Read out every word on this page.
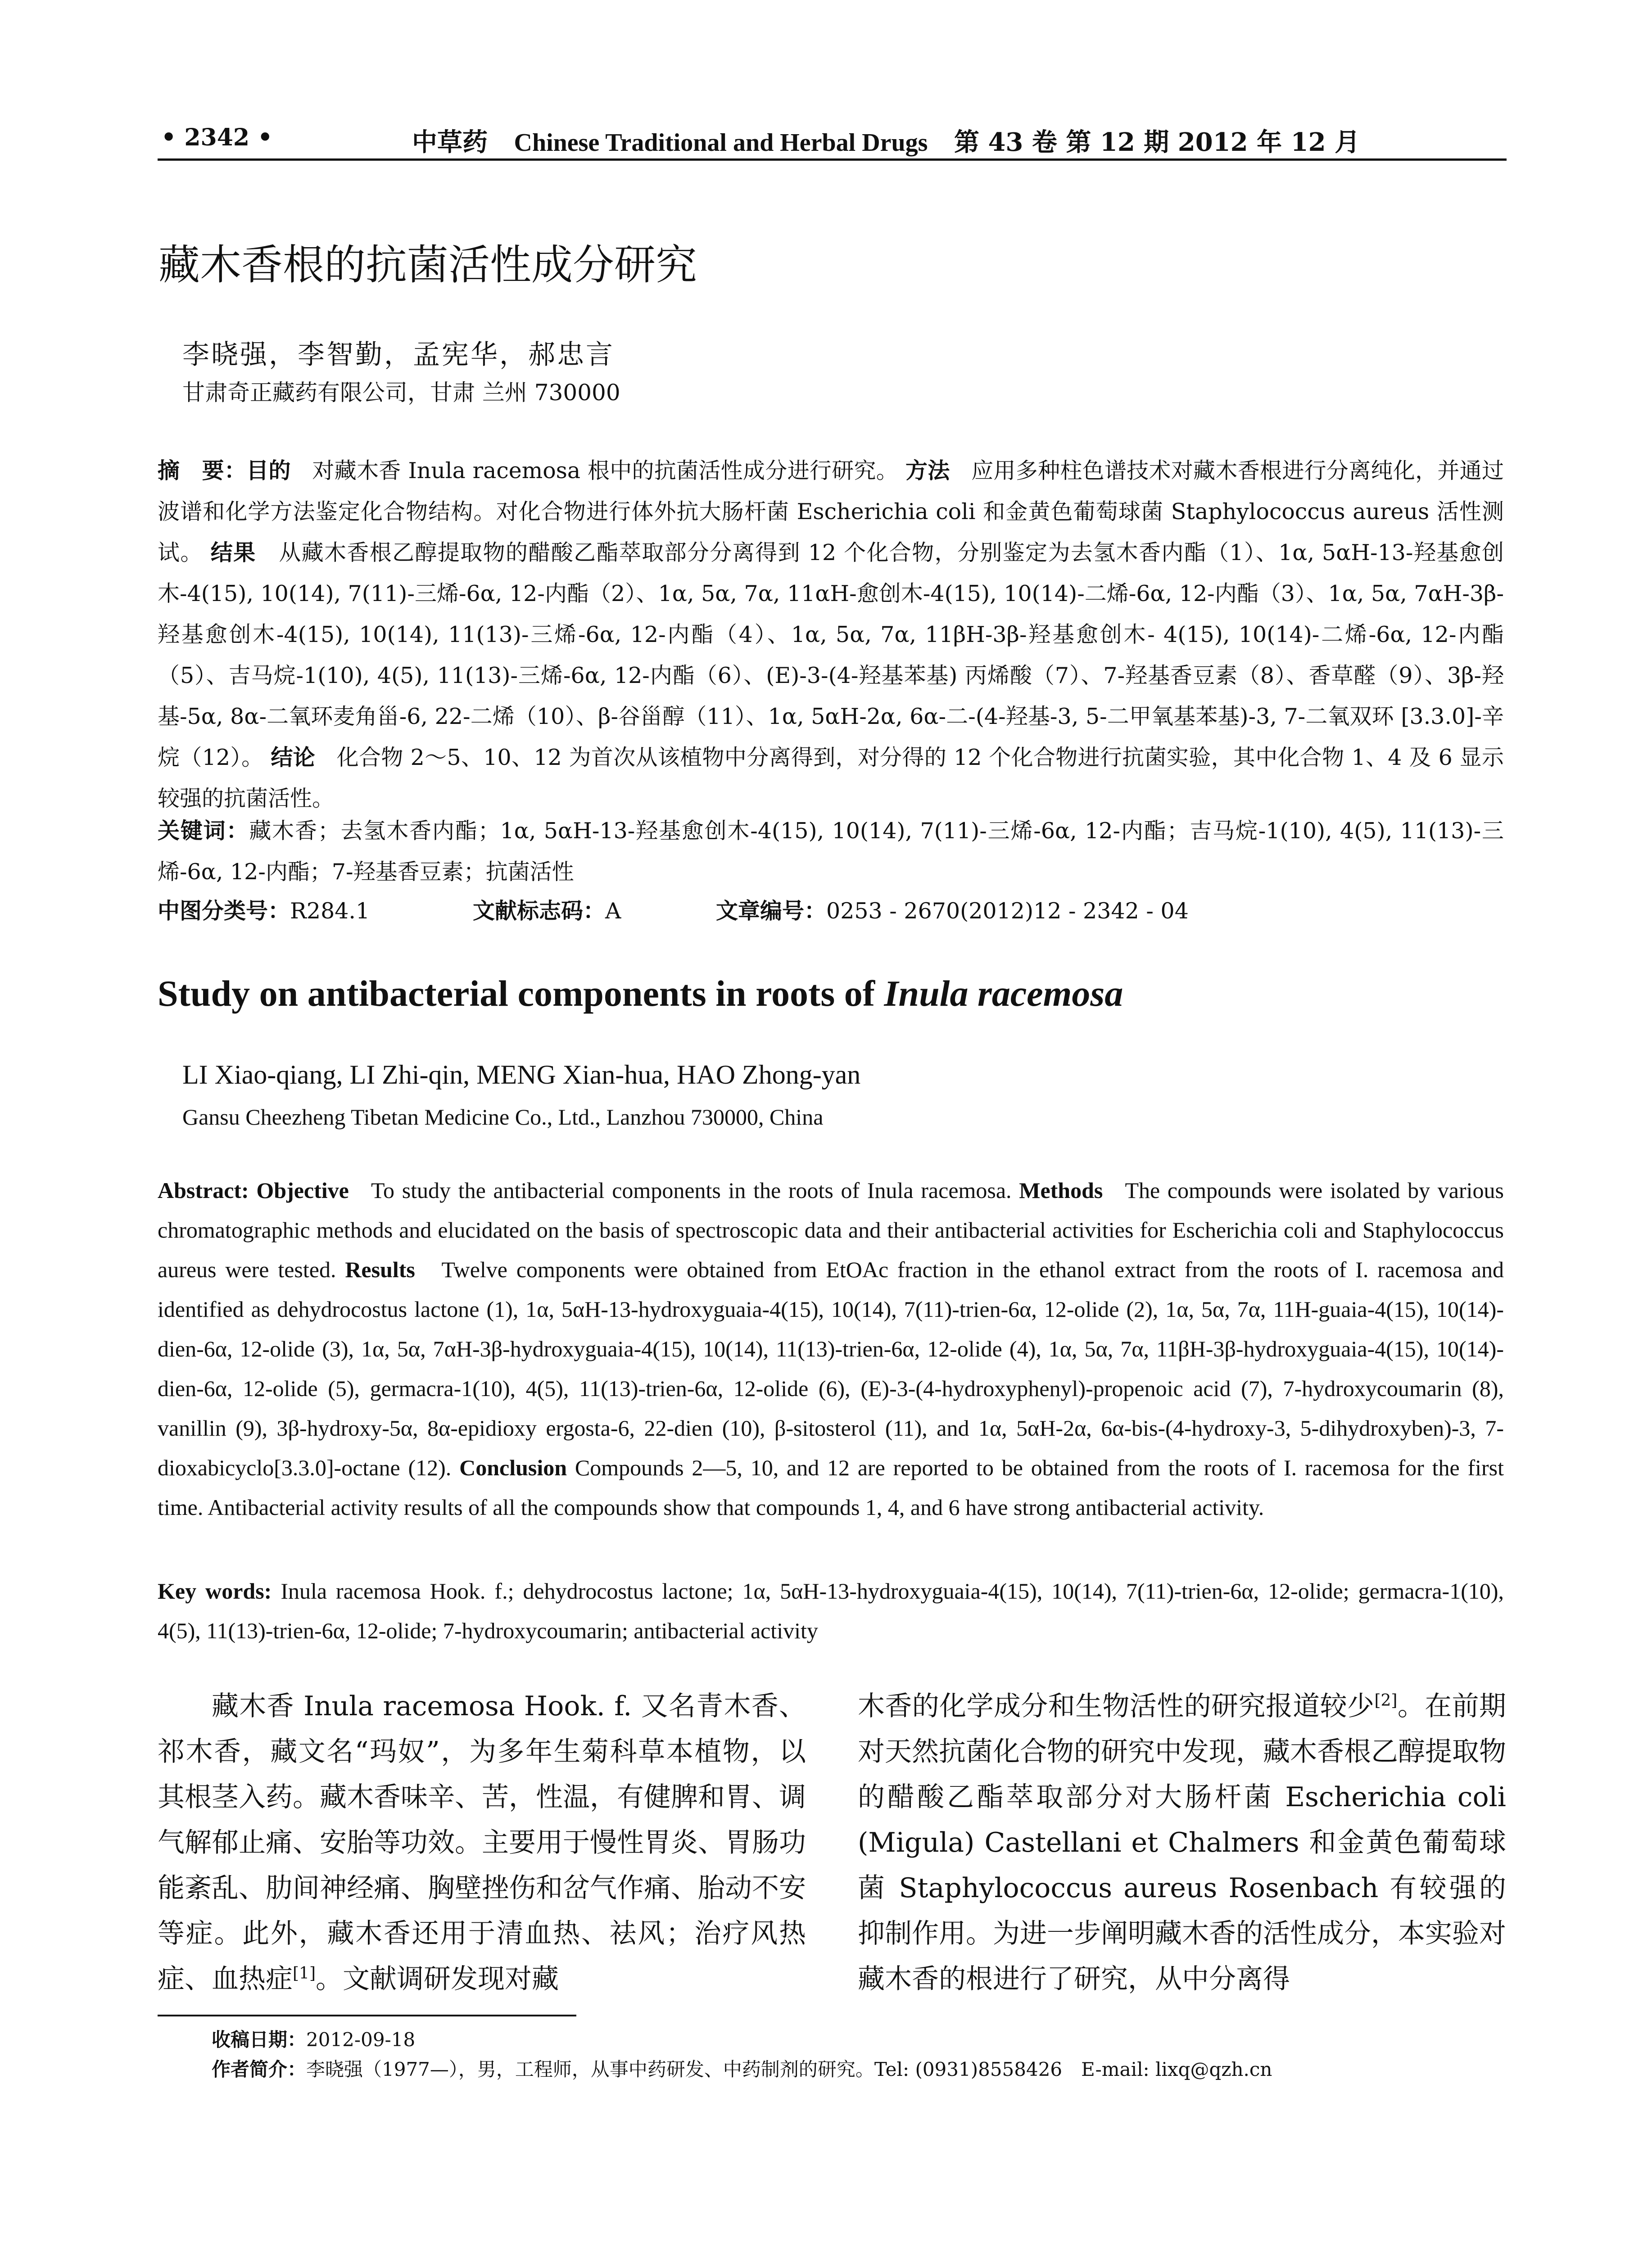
• 2342 •	中草药 Chinese Traditional and Herbal Drugs 第 43 卷 第 12 期 2012 年 12 月
藏木香根的抗菌活性成分研究
李晓强，李智勤，孟宪华，郝忠言
甘肃奇正藏药有限公司，甘肃 兰州 730000
摘　要：目的 对藏木香 Inula racemosa 根中的抗菌活性成分进行研究。 方法 应用多种柱色谱技术对藏木香根进行分离纯化，并通过波谱和化学方法鉴定化合物结构。对化合物进行体外抗大肠杆菌 Escherichia coli 和金黄色葡萄球菌 Staphylococcus aureus 活性测试。 结果 从藏木香根乙醇提取物的醋酸乙酯萃取部分分离得到 12 个化合物，分别鉴定为去氢木香内酯（1）、1α, 5αH-13-羟基愈创木-4(15), 10(14), 7(11)-三烯-6α, 12-内酯（2）、1α, 5α, 7α, 11αH-愈创木-4(15), 10(14)-二烯-6α, 12-内酯（3）、1α, 5α, 7αH-3β-羟基愈创木-4(15), 10(14), 11(13)-三烯-6α, 12-内酯（4）、1α, 5α, 7α, 11βH-3β-羟基愈创木- 4(15), 10(14)-二烯-6α, 12-内酯（5）、吉马烷-1(10), 4(5), 11(13)-三烯-6α, 12-内酯（6）、(E)-3-(4-羟基苯基) 丙烯酸（7）、7-羟基香豆素（8）、香草醛（9）、3β-羟基-5α, 8α-二氧环麦角甾-6, 22-二烯（10）、β-谷甾醇（11）、1α, 5αH-2α, 6α-二-(4-羟基-3, 5-二甲氧基苯基)-3, 7-二氧双环 [3.3.0]-辛烷（12）。 结论 化合物 2～5、10、12 为首次从该植物中分离得到，对分得的 12 个化合物进行抗菌实验，其中化合物 1、4 及 6 显示较强的抗菌活性。
关键词：藏木香；去氢木香内酯；1α, 5αH-13-羟基愈创木-4(15), 10(14), 7(11)-三烯-6α, 12-内酯；吉马烷-1(10), 4(5), 11(13)-三烯-6α, 12-内酯；7-羟基香豆素；抗菌活性
中图分类号：R284.1	文献标志码：A	文章编号：0253 - 2670(2012)12 - 2342 - 04
Study on antibacterial components in roots of Inula racemosa
LI Xiao-qiang, LI Zhi-qin, MENG Xian-hua, HAO Zhong-yan
Gansu Cheezheng Tibetan Medicine Co., Ltd., Lanzhou 730000, China
Abstract: Objective To study the antibacterial components in the roots of Inula racemosa. Methods The compounds were isolated by various chromatographic methods and elucidated on the basis of spectroscopic data and their antibacterial activities for Escherichia coli and Staphylococcus aureus were tested. Results Twelve components were obtained from EtOAc fraction in the ethanol extract from the roots of I. racemosa and identified as dehydrocostus lactone (1), 1α, 5αH-13-hydroxyguaia-4(15), 10(14), 7(11)-trien-6α, 12-olide (2), 1α, 5α, 7α, 11H-guaia-4(15), 10(14)-dien-6α, 12-olide (3), 1α, 5α, 7αH-3β-hydroxyguaia-4(15), 10(14), 11(13)-trien-6α, 12-olide (4), 1α, 5α, 7α, 11βH-3β-hydroxyguaia-4(15), 10(14)-dien-6α, 12-olide (5), germacra-1(10), 4(5), 11(13)-trien-6α, 12-olide (6), (E)-3-(4-hydroxyphenyl)-propenoic acid (7), 7-hydroxycoumarin (8), vanillin (9), 3β-hydroxy-5α, 8α-epidioxy ergosta-6, 22-dien (10), β-sitosterol (11), and 1α, 5αH-2α, 6α-bis-(4-hydroxy-3, 5-dihydroxyben)-3, 7-dioxabicyclo[3.3.0]-octane (12). Conclusion Compounds 2—5, 10, and 12 are reported to be obtained from the roots of I. racemosa for the first time. Antibacterial activity results of all the compounds show that compounds 1, 4, and 6 have strong antibacterial activity.
Key words: Inula racemosa Hook. f.; dehydrocostus lactone; 1α, 5αH-13-hydroxyguaia-4(15), 10(14), 7(11)-trien-6α, 12-olide; germacra-1(10), 4(5), 11(13)-trien-6α, 12-olide; 7-hydroxycoumarin; antibacterial activity
藏木香 Inula racemosa Hook. f. 又名青木香、祁木香，藏文名“玛奴”，为多年生菊科草本植物，以其根茎入药。藏木香味辛、苦，性温，有健脾和胃、调气解郁止痛、安胎等功效。主要用于慢性胃炎、胃肠功能紊乱、肋间神经痛、胸壁挫伤和岔气作痛、胎动不安等症。此外，藏木香还用于清血热、祛风；治疗风热症、血热症[1]。文献调研发现对藏
木香的化学成分和生物活性的研究报道较少[2]。在前期对天然抗菌化合物的研究中发现，藏木香根乙醇提取物的醋酸乙酯萃取部分对大肠杆菌 Escherichia coli (Migula) Castellani et Chalmers 和金黄色葡萄球菌 Staphylococcus aureus Rosenbach 有较强的抑制作用。为进一步阐明藏木香的活性成分，本实验对藏木香的根进行了研究，从中分离得
收稿日期：2012-09-18
作者简介：李晓强（1977—），男，工程师，从事中药研发、中药制剂的研究。Tel: (0931)8558426　E-mail: lixq@qzh.cn
